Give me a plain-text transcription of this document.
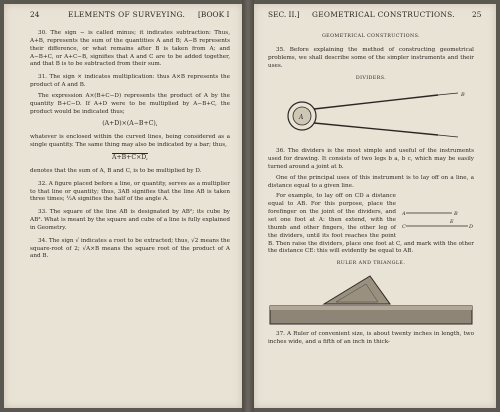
24	ELEMENTS OF SURVEYING. [BOOK I

30. The sign − is called minus; it indicates subtraction: Thus, A+B, represents the sum of the quantities A and B; A−B represents their difference, or what remains after B is taken from A; and A−B+C, or A+C−B, signifies that A and C are to be added together, and that B is to be subtracted from their sum.

31. The sign × indicates multiplication: thus A×B represents the product of A and B.

The expression A×(B+C−D) represents the product of A by the quantity B+C−D. If A+D were to be multiplied by A−B+C, the product would be indicated thus;

(A+D)×(A−B+C),

whatever is enclosed within the curved lines, being considered as a single quantity. The same thing may also be indicated by a bar; thus,

A+B+C×D,

denotes that the sum of A, B and C, is to be multiplied by D.

32. A figure placed before a line, or quantity, serves as a multiplier to that line or quantity; thus, 3AB signifies that the line AB is taken three times; ½A signifies the half of the angle A.

33. The square of the line AB is designated by AB²; its cube by AB³. What is meant by the square and cube of a line is fully explained in Geometry.

34. The sign √ indicates a root to be extracted; thus, √2 means the square-root of 2; √A×B means the square root of the product of A and B.

SEC. II.] GEOMETRICAL CONSTRUCTIONS. 25
GEOMETRICAL CONSTRUCTIONS.

35. Before explaining the method of constructing geometrical problems, we shall describe some of the simpler instruments and their uses.

DIVIDERS.
A
B

36. The dividers is the most simple and useful of the instruments used for drawing. It consists of two legs b a, b c, which may be easily turned around a joint at b.

One of the principal uses of this instrument is to lay off on a line, a distance equal to a given line.

A	B
C
E
D

For example, to lay off on CD a distance equal to AB. For this purpose, place the forefinger on the joint of the dividers, and set one foot at A: then extend, with the thumb and other fingers, the other leg of the dividers, until its foot reaches the point B. Then raise the dividers, place one foot at C, and mark with the other the distance CE: this will evidently be equal to AB.

RULER AND TRIANGLE.

37. A Ruler of convenient size, is about twenty inches in length, two inches wide, and a fifth of an inch in thick-
